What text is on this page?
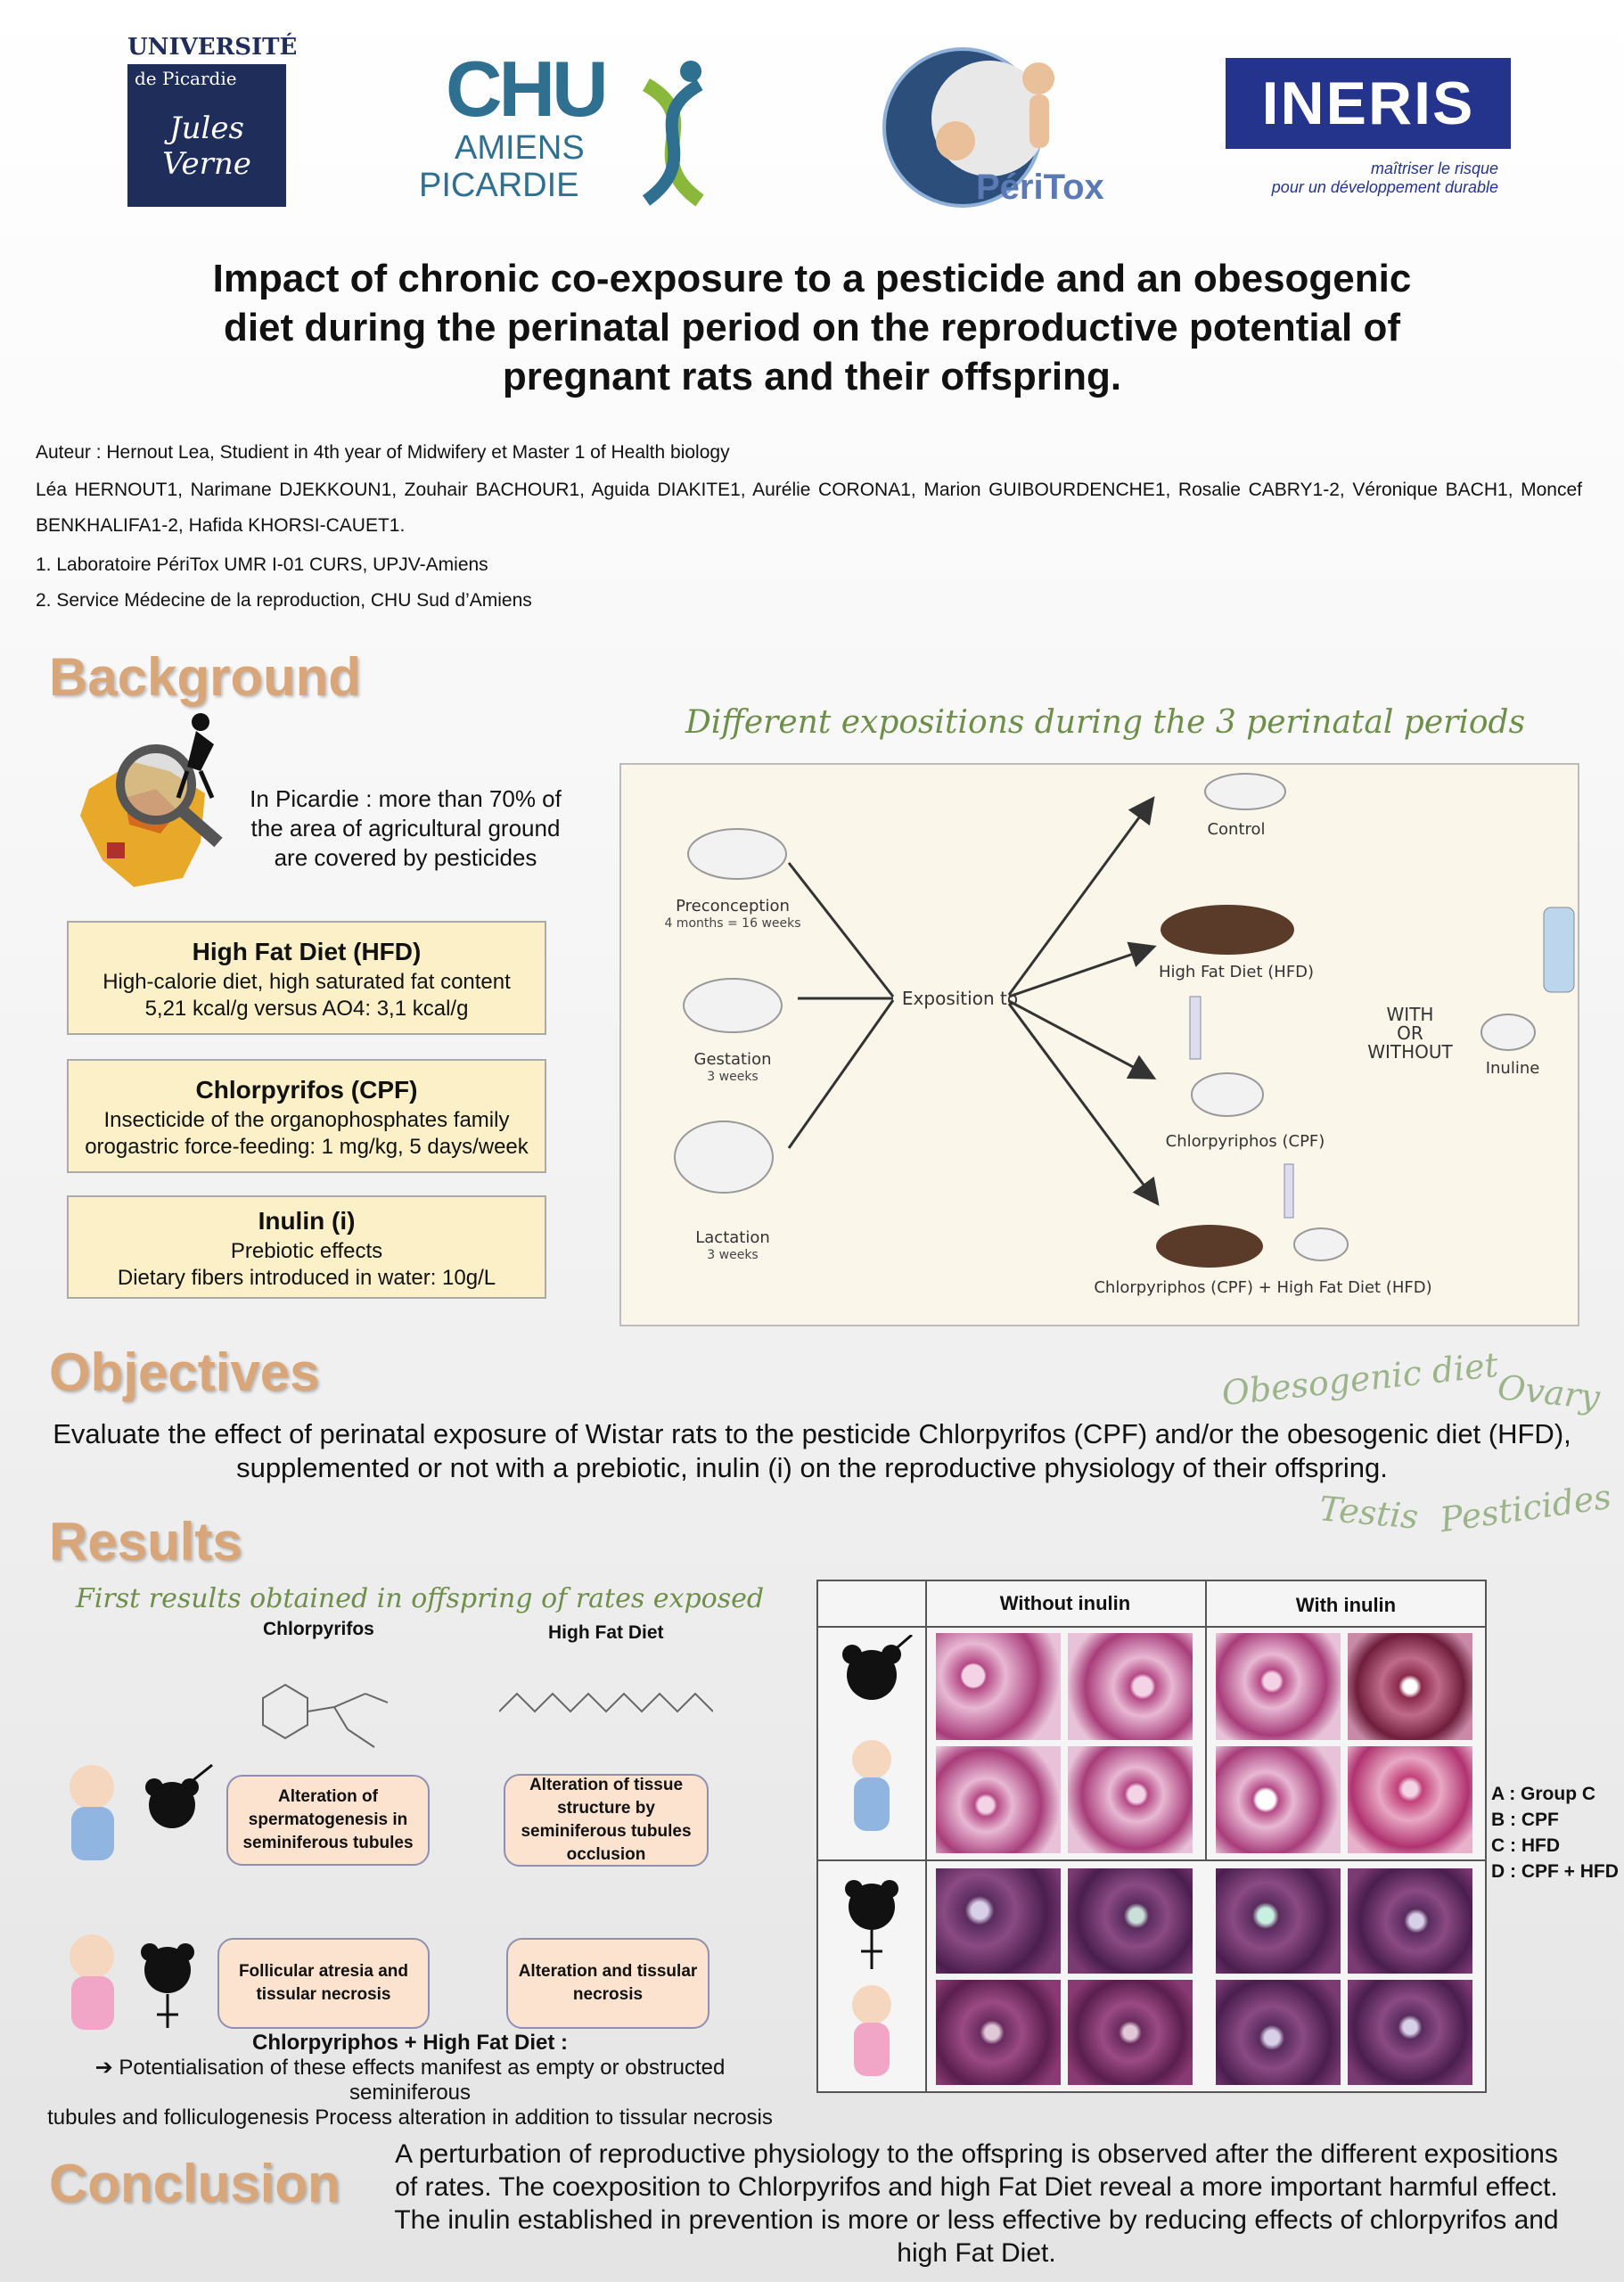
UNIVERSITÉ
de Picardie
Jules Verne
CHU
AMIENS
PICARDIE	PériTox
INERIS
maîtriser le risque
pour un développement durable
Impact of chronic co-exposure to a pesticide and an obesogenic
diet during the perinatal period on the reproductive potential of
pregnant rats and their offspring.
Auteur : Hernout Lea, Studient in 4th year of Midwifery et Master 1 of Health biology
Léa HERNOUT1, Narimane DJEKKOUN1, Zouhair BACHOUR1, Aguida DIAKITE1, Aurélie CORONA1, Marion GUIBOURDENCHE1, Rosalie CABRY1-2, Véronique BACH1, Moncef
BENKHALIFA1-2, Hafida KHORSI-CAUET1.
1. Laboratoire PériTox UMR I-01 CURS, UPJV-Amiens
2. Service Médecine de la reproduction, CHU Sud d’Amiens
Background
In Picardie : more than 70% of the area of agricultural ground are covered by pesticides
High Fat Diet (HFD)
High-calorie diet, high saturated fat content
5,21 kcal/g versus AO4: 3,1 kcal/g
Chlorpyrifos (CPF)
Insecticide of the organophosphates family
orogastric force-feeding: 1 mg/kg, 5 days/week
Inulin (i)
Prebiotic effects
Dietary fibers introduced in water: 10g/L
Different expositions during the 3 perinatal periods
Preconception
4 months = 16 weeks
Gestation
3 weeks
Lactation
3 weeks
Exposition to
Control
High Fat Diet (HFD)
Chlorpyriphos (CPF)
Chlorpyriphos (CPF) + High Fat Diet (HFD)
WITH
OR
WITHOUT
Inuline
Objectives
Evaluate the effect of perinatal exposure of Wistar rats to the pesticide Chlorpyrifos (CPF) and/or the obesogenic diet (HFD),
supplemented or not with a prebiotic, inulin (i) on the reproductive physiology of their offspring.
Obesogenic diet
Ovary
Testis Pesticides
Results
First results obtained in offspring of rates exposed
Chlorpyrifos	High Fat Diet
Alteration of spermatogenesis in seminiferous tubules
Alteration of tissue structure by seminiferous tubules occlusion
Follicular atresia and tissular necrosis
Alteration and tissular necrosis
Chlorpyriphos + High Fat Diet :
➔ Potentialisation of these effects manifest as empty or obstructed seminiferous
tubules and folliculogenesis Process alteration in addition to tissular necrosis
Without inulin	With inulin
A : Group C
B : CPF
C : HFD
D : CPF + HFD
Conclusion	A perturbation of reproductive physiology to the offspring is observed after the different expositions of rates. The coexposition to Chlorpyrifos and high Fat Diet reveal a more important harmful effect. The inulin established in prevention is more or less effective by reducing effects of chlorpyrifos and high Fat Diet.
